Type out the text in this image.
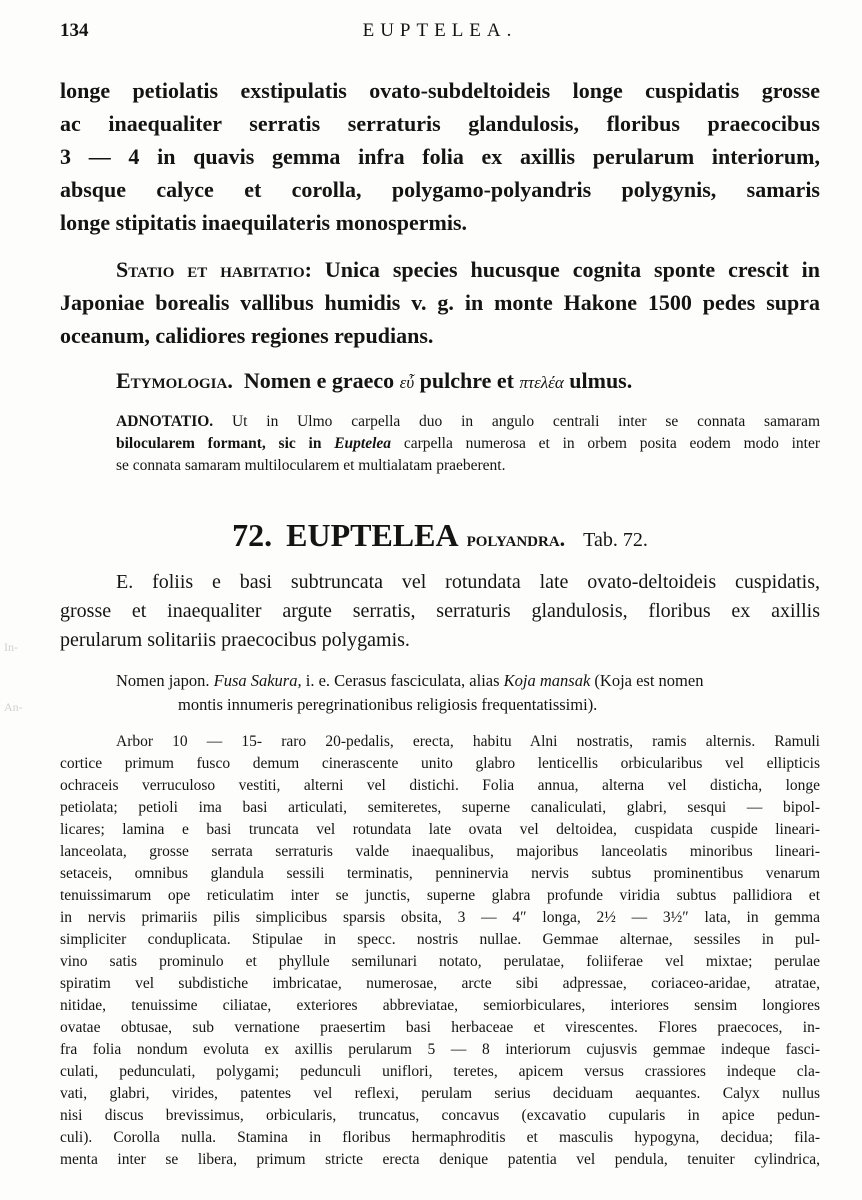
134	EUPTELEA.

longe petiolatis exstipulatis ovato-subdeltoideis longe cuspidatis grosse
ac inaequaliter serratis serraturis glandulosis, floribus praecocibus
3 — 4 in quavis gemma infra folia ex axillis perularum interiorum,
absque calyce et corolla, polygamo-polyandris polygynis, samaris
longe stipitatis inaequilateris monospermis.

Statio et habitatio: Unica species hucusque cognita sponte crescit in Japoniae borealis vallibus humidis v. g. in monte Hakone 1500 pedes supra oceanum, calidiores regiones repudians.

Etymologia. Nomen e graeco εὖ pulchre et πτελέα ulmus.

ADNOTATIO. Ut in Ulmo carpella duo in angulo centrali inter se connata samaram
bilocularem formant, sic in Euptelea carpella numerosa et in orbem posita eodem modo inter
se connata samaram multilocularem et multialatam praeberent.

72. EUPTELEA polyandra. Tab. 72.

E. foliis e basi subtruncata vel rotundata late ovato-deltoideis cuspidatis,
grosse et inaequaliter argute serratis, serraturis glandulosis, floribus ex axillis
perularum solitariis praecocibus polygamis.

Nomen japon. Fusa Sakura, i. e. Cerasus fasciculata, alias Koja mansak (Koja est nomen
montis innumeris peregrinationibus religiosis frequentatissimi).

Arbor 10 — 15- raro 20-pedalis, erecta, habitu Alni nostratis, ramis alternis. Ramuli
cortice primum fusco demum cinerascente unito glabro lenticellis orbicularibus vel ellipticis
ochraceis verruculoso vestiti, alterni vel distichi. Folia annua, alterna vel disticha, longe
petiolata; petioli ima basi articulati, semiteretes, superne canaliculati, glabri, sesqui — bipol-
licares; lamina e basi truncata vel rotundata late ovata vel deltoidea, cuspidata cuspide lineari-
lanceolata, grosse serrata serraturis valde inaequalibus, majoribus lanceolatis minoribus lineari-
setaceis, omnibus glandula sessili terminatis, penninervia nervis subtus prominentibus venarum
tenuissimarum ope reticulatim inter se junctis, superne glabra profunde viridia subtus pallidiora et
in nervis primariis pilis simplicibus sparsis obsita, 3 — 4″ longa, 2½ — 3½″ lata, in gemma
simpliciter conduplicata. Stipulae in specc. nostris nullae. Gemmae alternae, sessiles in pul-
vino satis prominulo et phyllule semilunari notato, perulatae, foliiferae vel mixtae; perulae
spiratim vel subdistiche imbricatae, numerosae, arcte sibi adpressae, coriaceo-aridae, atratae,
nitidae, tenuissime ciliatae, exteriores abbreviatae, semiorbiculares, interiores sensim longiores
ovatae obtusae, sub vernatione praesertim basi herbaceae et virescentes. Flores praecoces, in-
fra folia nondum evoluta ex axillis perularum 5 — 8 interiorum cujusvis gemmae indeque fasci-
culati, pedunculati, polygami; pedunculi uniflori, teretes, apicem versus crassiores indeque cla-
vati, glabri, virides, patentes vel reflexi, perulam serius deciduam aequantes. Calyx nullus
nisi discus brevissimus, orbicularis, truncatus, concavus (excavatio cupularis in apice pedun-
culi). Corolla nulla. Stamina in floribus hermaphroditis et masculis hypogyna, decidua; fila-
menta inter se libera, primum stricte erecta denique patentia vel pendula, tenuiter cylindrica,

In-
An-
